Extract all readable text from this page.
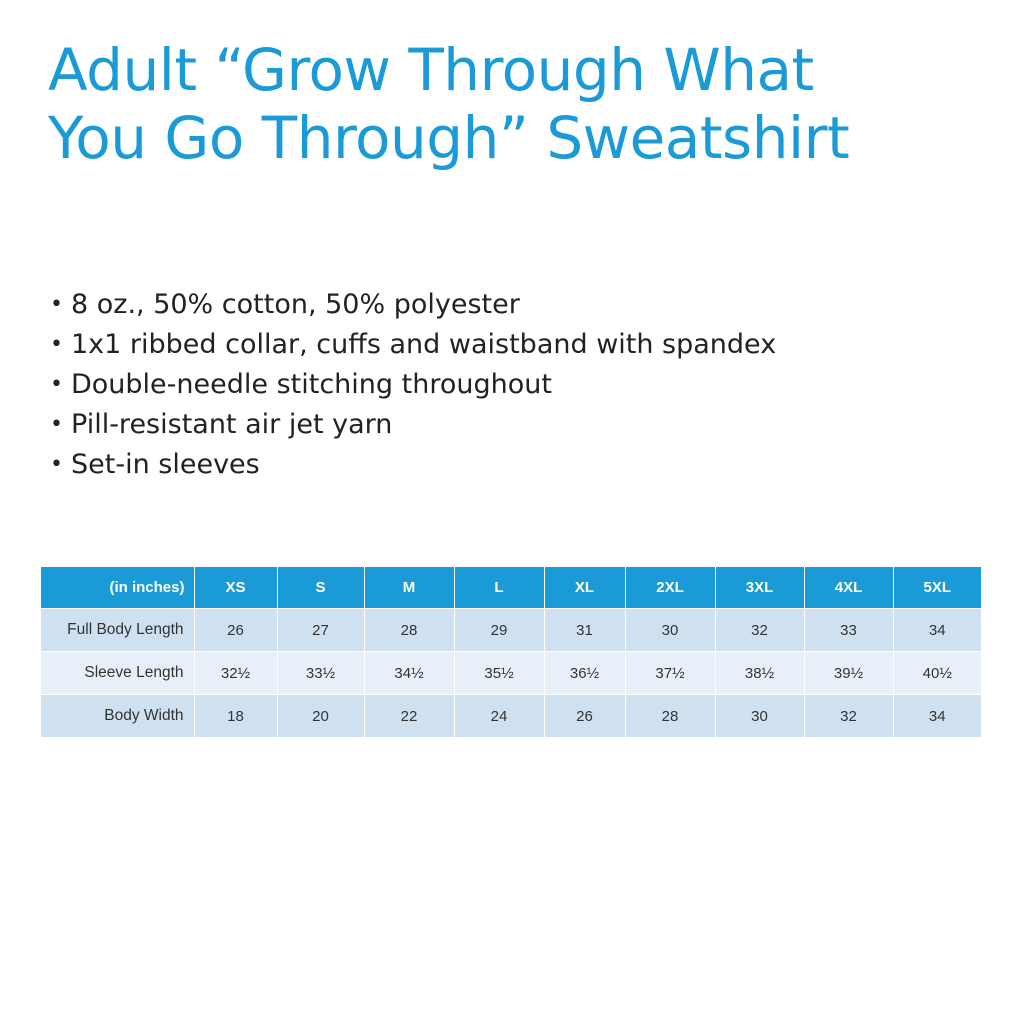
Adult “Grow Through What
You Go Through” Sweatshirt
• 8 oz., 50% cotton, 50% polyester
• 1x1 ribbed collar, cuffs and waistband with spandex
• Double-needle stitching throughout
• Pill-resistant air jet yarn
• Set-in sleeves
(in inches)	XS	S	M	L	XL	2XL	3XL	4XL	5XL
Full Body Length	26	27	28	29	31	30	32	33	34
Sleeve Length	32½	33½	34½	35½	36½	37½	38½	39½	40½
Body Width	18	20	22	24	26	28	30	32	34
